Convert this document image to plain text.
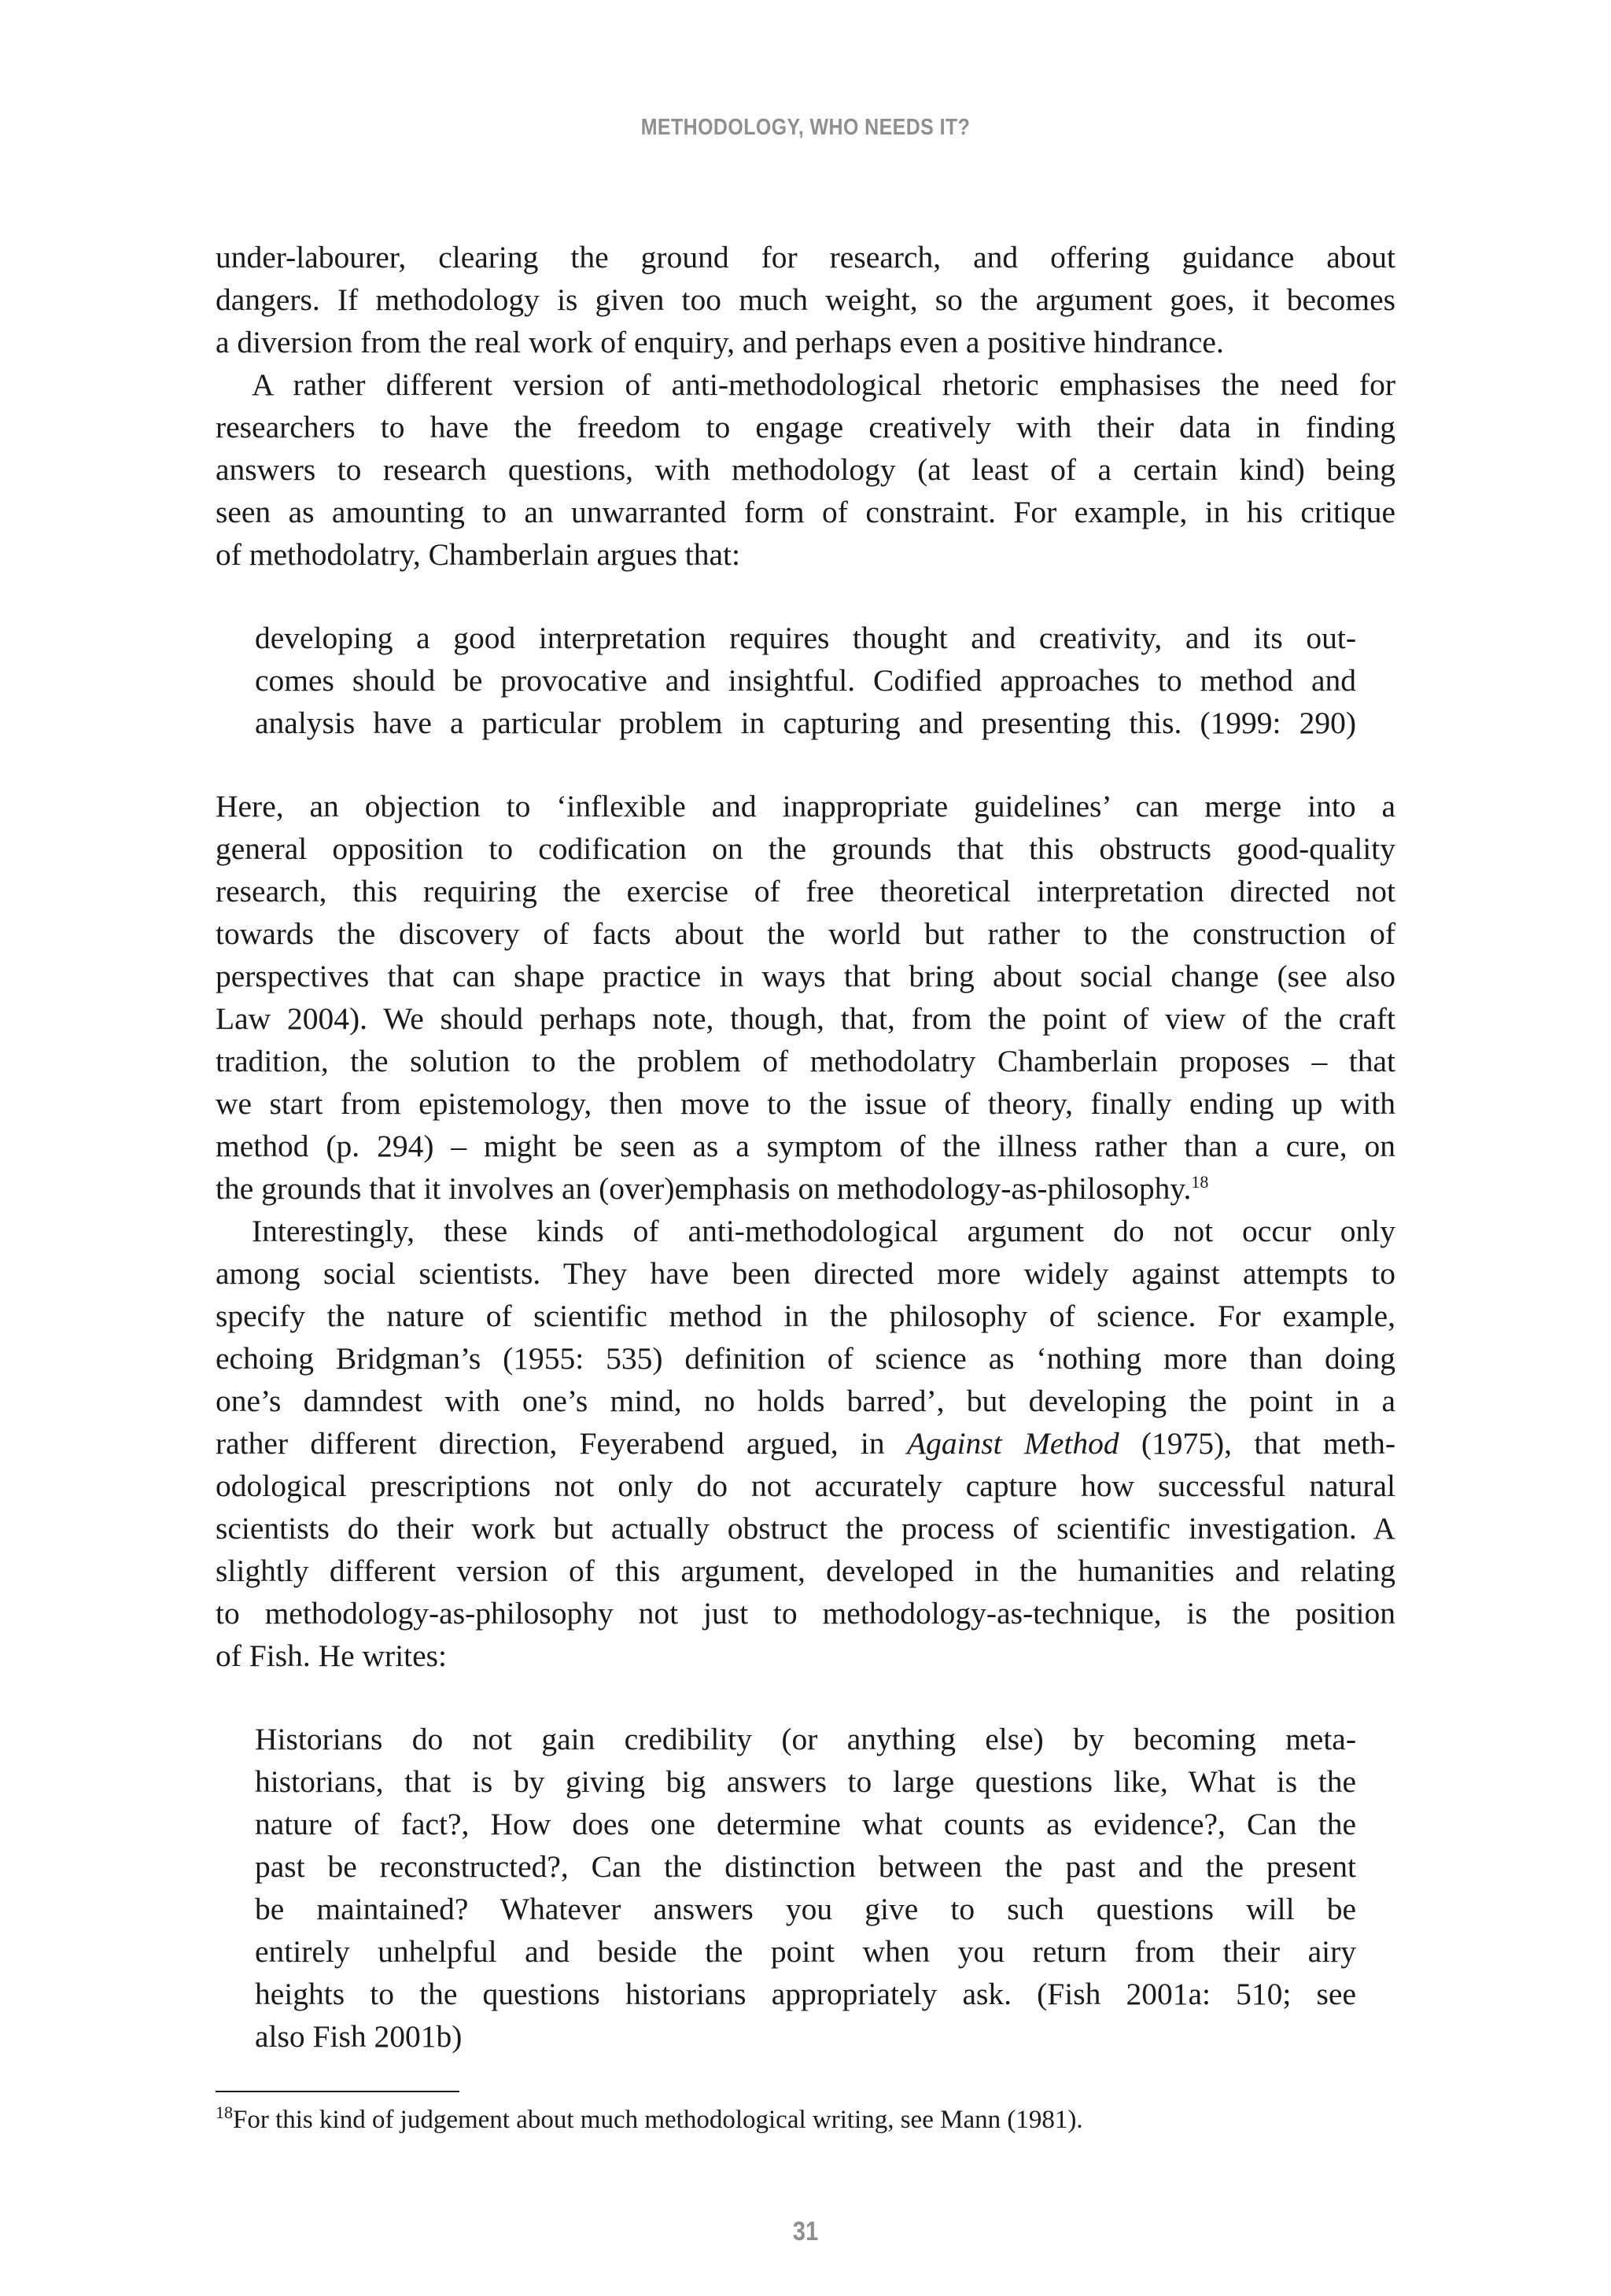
METHODOLOGY, WHO NEEDS IT?

under-labourer, clearing the ground for research, and offering guidance about
dangers. If methodology is given too much weight, so the argument goes, it becomes
a diversion from the real work of enquiry, and perhaps even a positive hindrance.

A rather different version of anti-methodological rhetoric emphasises the need for
researchers to have the freedom to engage creatively with their data in finding
answers to research questions, with methodology (at least of a certain kind) being
seen as amounting to an unwarranted form of constraint. For example, in his critique
of methodolatry, Chamberlain argues that:

developing a good interpretation requires thought and creativity, and its out-
comes should be provocative and insightful. Codified approaches to method and
analysis have a particular problem in capturing and presenting this. (1999: 290)

Here, an objection to ‘inflexible and inappropriate guidelines’ can merge into a
general opposition to codification on the grounds that this obstructs good-quality
research, this requiring the exercise of free theoretical interpretation directed not
towards the discovery of facts about the world but rather to the construction of
perspectives that can shape practice in ways that bring about social change (see also
Law 2004). We should perhaps note, though, that, from the point of view of the craft
tradition, the solution to the problem of methodolatry Chamberlain proposes – that
we start from epistemology, then move to the issue of theory, finally ending up with
method (p. 294) – might be seen as a symptom of the illness rather than a cure, on
the grounds that it involves an (over)emphasis on methodology-as-philosophy.$^{18}$

Interestingly, these kinds of anti-methodological argument do not occur only
among social scientists. They have been directed more widely against attempts to
specify the nature of scientific method in the philosophy of science. For example,
echoing Bridgman’s (1955: 535) definition of science as ‘nothing more than doing
one’s damndest with one’s mind, no holds barred’, but developing the point in a
rather different direction, Feyerabend argued, in Against Method (1975), that meth-
odological prescriptions not only do not accurately capture how successful natural
scientists do their work but actually obstruct the process of scientific investigation. A
slightly different version of this argument, developed in the humanities and relating
to methodology-as-philosophy not just to methodology-as-technique, is the position
of Fish. He writes:

Historians do not gain credibility (or anything else) by becoming meta-
historians, that is by giving big answers to large questions like, What is the
nature of fact?, How does one determine what counts as evidence?, Can the
past be reconstructed?, Can the distinction between the past and the present
be maintained? Whatever answers you give to such questions will be
entirely unhelpful and beside the point when you return from their airy
heights to the questions historians appropriately ask. (Fish 2001a: 510; see
also Fish 2001b)
$^{18}$For this kind of judgement about much methodological writing, see Mann (1981).
31
